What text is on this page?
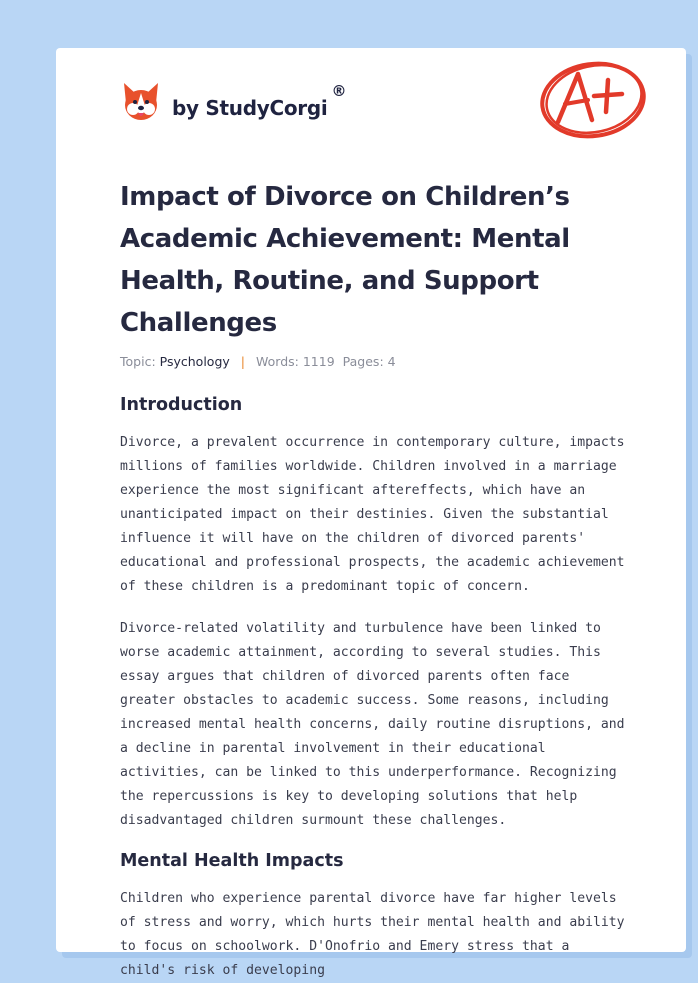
by StudyCorgi
®
A+
Impact of Divorce on Children’s Academic Achievement: Mental Health, Routine, and Support Challenges
Topic: Psychology | Words: 1119 Pages: 4
Introduction

Divorce, a prevalent occurrence in contemporary culture, impacts millions of families worldwide. Children involved in a marriage experience the most significant aftereffects, which have an unanticipated impact on their destinies. Given the substantial influence it will have on the children of divorced parents' educational and professional prospects, the academic achievement of these children is a predominant topic of concern.

Divorce-related volatility and turbulence have been linked to worse academic attainment, according to several studies. This essay argues that children of divorced parents often face greater obstacles to academic success. Some reasons, including increased mental health concerns, daily routine disruptions, and a decline in parental involvement in their educational activities, can be linked to this underperformance. Recognizing the repercussions is key to developing solutions that help disadvantaged children surmount these challenges.

Mental Health Impacts

Children who experience parental divorce have far higher levels of stress and worry, which hurts their mental health and ability to focus on schoolwork. D'Onofrio and Emery stress that a child's risk of developing
